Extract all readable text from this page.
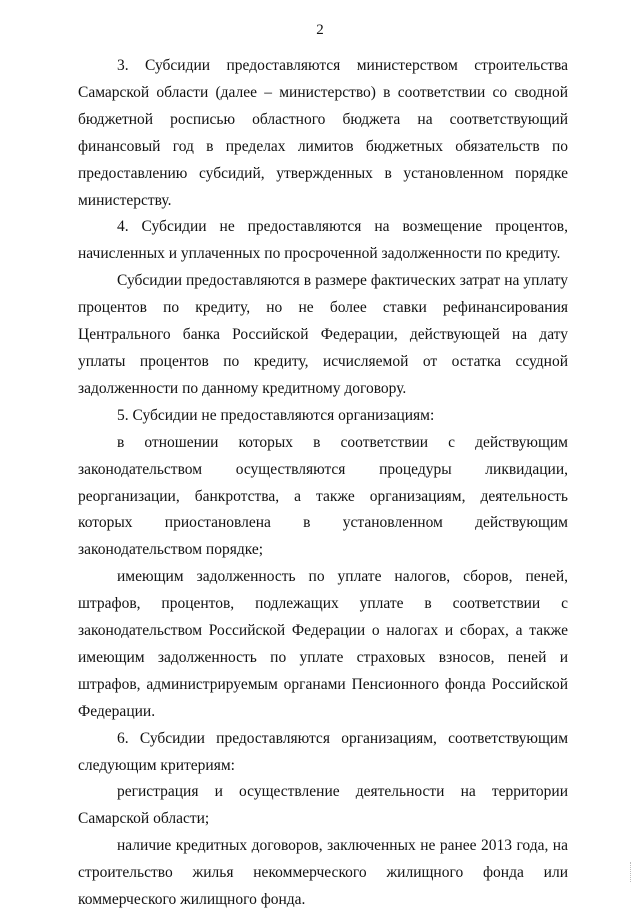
2

3. Субсидии предоставляются министерством строительства Самарской области (далее – министерство) в соответствии со сводной бюджетной росписью областного бюджета на соответствующий финансовый год в пределах лимитов бюджетных обязательств по предоставлению субсидий, утвержденных в установленном порядке министерству.

4. Субсидии не предоставляются на возмещение процентов, начисленных и уплаченных по просроченной задолженности по кредиту.

Субсидии предоставляются в размере фактических затрат на уплату процентов по кредиту, но не более ставки рефинансирования Центрального банка Российской Федерации, действующей на дату уплаты процентов по кредиту, исчисляемой от остатка ссудной задолженности по данному кредитному договору.

5. Субсидии не предоставляются организациям:

в отношении которых в соответствии с действующим законодательством осуществляются процедуры ликвидации, реорганизации, банкротства, а также организациям, деятельность которых приостановлена в установленном действующим законодательством порядке;

имеющим задолженность по уплате налогов, сборов, пеней, штрафов, процентов, подлежащих уплате в соответствии с законодательством Российской Федерации о налогах и сборах, а также имеющим задолженность по уплате страховых взносов, пеней и штрафов, администрируемым органами Пенсионного фонда Российской Федерации.

6. Субсидии предоставляются организациям, соответствующим следующим критериям:

регистрация и осуществление деятельности на территории Самарской области;

наличие кредитных договоров, заключенных не ранее 2013 года, на строительство жилья некоммерческого жилищного фонда или коммерческого жилищного фонда.
